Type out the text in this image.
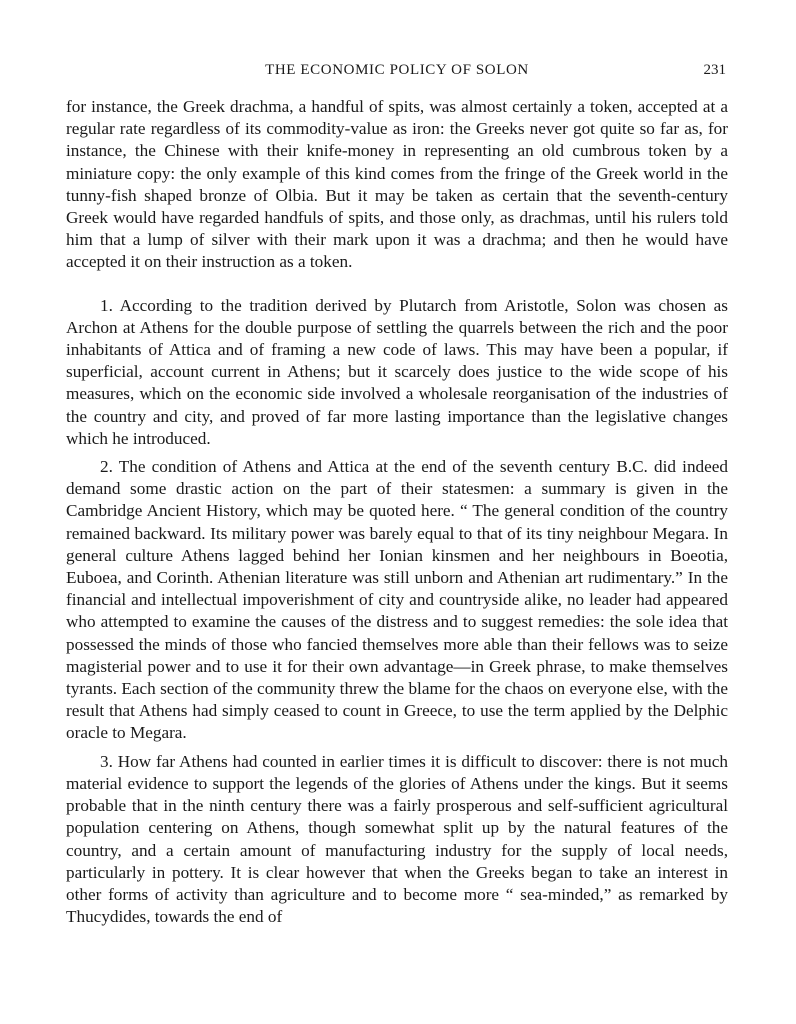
THE ECONOMIC POLICY OF SOLON	231

for instance, the Greek drachma, a handful of spits, was almost certainly a token, accepted at a regular rate regardless of its commodity-value as iron: the Greeks never got quite so far as, for instance, the Chinese with their knife-money in representing an old cumbrous token by a miniature copy: the only example of this kind comes from the fringe of the Greek world in the tunny-fish shaped bronze of Olbia. But it may be taken as certain that the seventh-century Greek would have regarded handfuls of spits, and those only, as drachmas, until his rulers told him that a lump of silver with their mark upon it was a drachma; and then he would have accepted it on their instruction as a token.

1. According to the tradition derived by Plutarch from Aristotle, Solon was chosen as Archon at Athens for the double purpose of settling the quarrels between the rich and the poor inhabitants of Attica and of framing a new code of laws. This may have been a popular, if superficial, account current in Athens; but it scarcely does justice to the wide scope of his measures, which on the economic side involved a wholesale reorganisation of the industries of the country and city, and proved of far more lasting importance than the legislative changes which he introduced.

2. The condition of Athens and Attica at the end of the seventh century B.C. did indeed demand some drastic action on the part of their statesmen: a summary is given in the Cambridge Ancient History, which may be quoted here. “ The general condition of the country remained backward. Its military power was barely equal to that of its tiny neighbour Megara. In general culture Athens lagged behind her Ionian kinsmen and her neighbours in Boeotia, Euboea, and Corinth. Athenian literature was still unborn and Athenian art rudimentary.” In the financial and intellectual impoverishment of city and countryside alike, no leader had appeared who attempted to examine the causes of the distress and to suggest remedies: the sole idea that possessed the minds of those who fancied themselves more able than their fellows was to seize magisterial power and to use it for their own advantage—in Greek phrase, to make themselves tyrants. Each section of the community threw the blame for the chaos on everyone else, with the result that Athens had simply ceased to count in Greece, to use the term applied by the Delphic oracle to Megara.

3. How far Athens had counted in earlier times it is difficult to discover: there is not much material evidence to support the legends of the glories of Athens under the kings. But it seems probable that in the ninth century there was a fairly prosperous and self-sufficient agricultural population centering on Athens, though somewhat split up by the natural features of the country, and a certain amount of manufacturing industry for the supply of local needs, particularly in pottery. It is clear however that when the Greeks began to take an interest in other forms of activity than agriculture and to become more “ sea-minded,” as remarked by Thucydides, towards the end of
